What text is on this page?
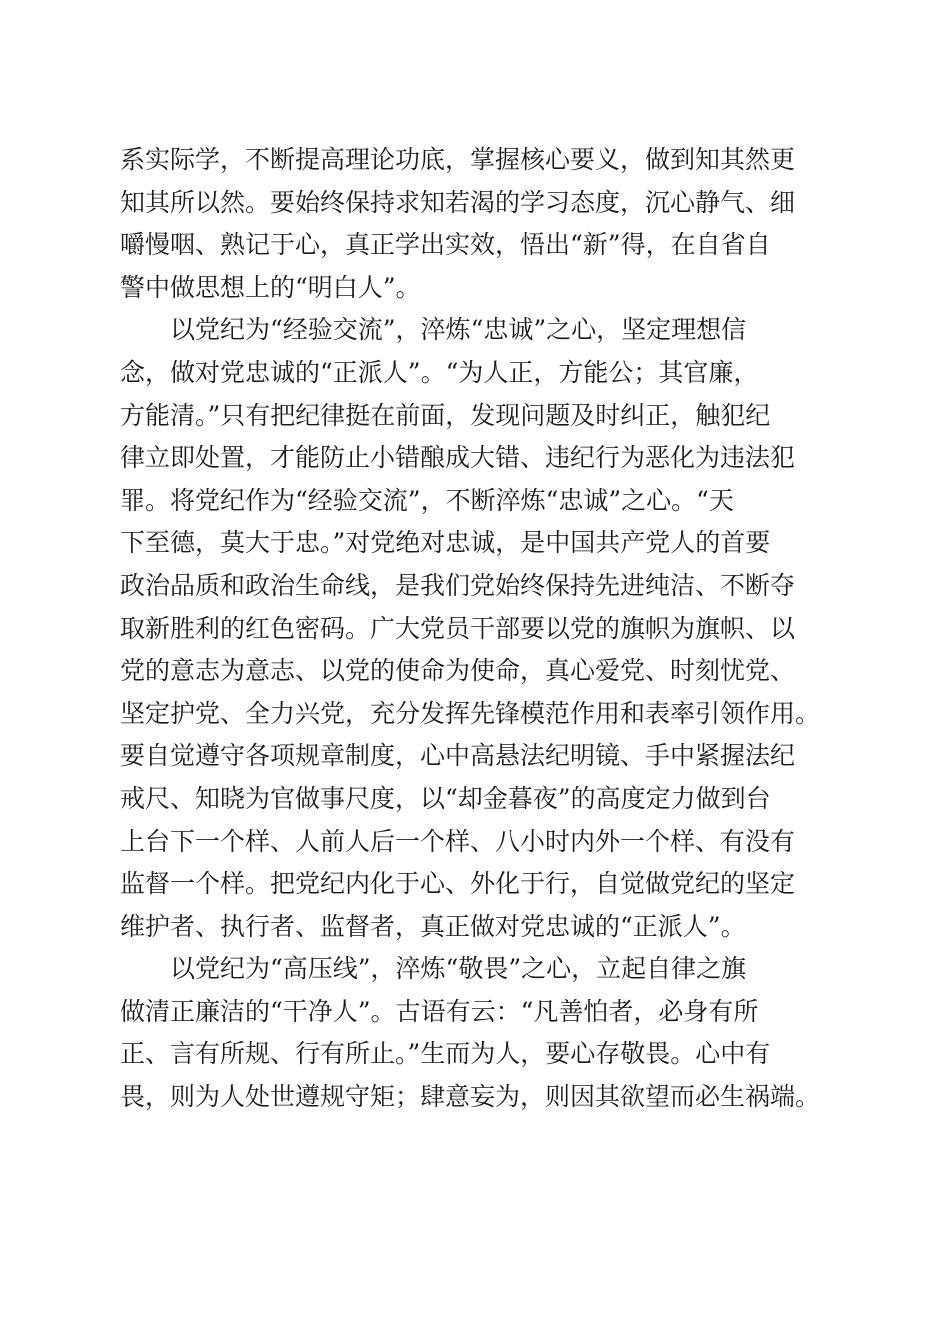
系实际学，不断提高理论功底，掌握核心要义，做到知其然更
知其所以然。要始终保持求知若渴的学习态度，沉心静气、细
嚼慢咽、熟记于心，真正学出实效，悟出“新”得，在自省自
警中做思想上的“明白人”。
以党纪为“经验交流”，淬炼“忠诚”之心，坚定理想信
念，做对党忠诚的“正派人”。“为人正，方能公；其官廉，
方能清。”只有把纪律挺在前面，发现问题及时纠正，触犯纪
律立即处置，才能防止小错酿成大错、违纪行为恶化为违法犯
罪。将党纪作为“经验交流”，不断淬炼“忠诚”之心。“天
下至德，莫大于忠。”对党绝对忠诚，是中国共产党人的首要
政治品质和政治生命线，是我们党始终保持先进纯洁、不断夺
取新胜利的红色密码。广大党员干部要以党的旗帜为旗帜、以
党的意志为意志、以党的使命为使命，真心爱党、时刻忧党、
坚定护党、全力兴党，充分发挥先锋模范作用和表率引领作用。
要自觉遵守各项规章制度，心中高悬法纪明镜、手中紧握法纪
戒尺、知晓为官做事尺度，以“却金暮夜”的高度定力做到台
上台下一个样、人前人后一个样、八小时内外一个样、有没有
监督一个样。把党纪内化于心、外化于行，自觉做党纪的坚定
维护者、执行者、监督者，真正做对党忠诚的“正派人”。
以党纪为“高压线”，淬炼“敬畏”之心，立起自律之旗
做清正廉洁的“干净人”。古语有云：“凡善怕者，必身有所
正、言有所规、行有所止。”生而为人，要心存敬畏。心中有
畏，则为人处世遵规守矩；肆意妄为，则因其欲望而必生祸端。
